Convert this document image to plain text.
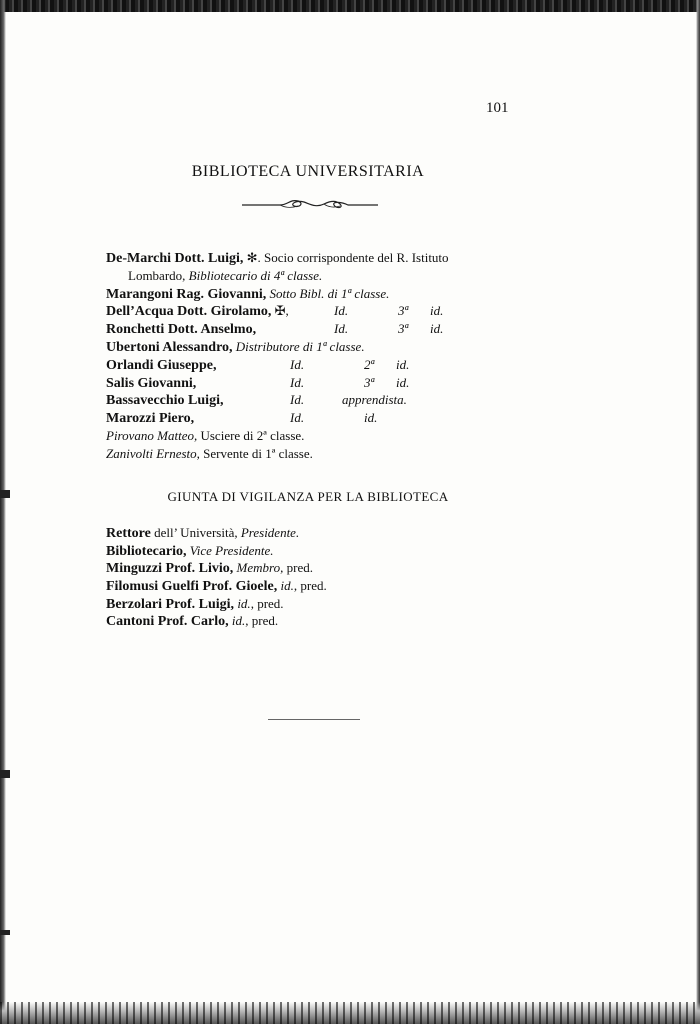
101
BIBLIOTECA UNIVERSITARIA
De-Marchi Dott. Luigi, ✻. Socio corrispondente del R. Istituto
Lombardo, Bibliotecario di 4ª classe.
Marangoni Rag. Giovanni, Sotto Bibl. di 1ª classe.
Dell’Acqua Dott. Girolamo, ✠,	Id.	3ª id.
Ronchetti Dott. Anselmo,	Id.	3ª id.
Ubertoni Alessandro, Distributore di 1ª classe.
Orlandi Giuseppe,	Id.	2ª id.
Salis Giovanni,	Id.	3ª id.
Bassavecchio Luigi,	Id.	apprendista.
Marozzi Piero,	Id.	id.
Pirovano Matteo, Usciere di 2ª classe.
Zanivolti Ernesto, Servente di 1ª classe.
GIUNTA DI VIGILANZA PER LA BIBLIOTECA
Rettore dell’ Università, Presidente.
Bibliotecario, Vice Presidente.
Minguzzi Prof. Livio, Membro, pred.
Filomusi Guelfi Prof. Gioele, id., pred.
Berzolari Prof. Luigi, id., pred.
Cantoni Prof. Carlo, id., pred.
